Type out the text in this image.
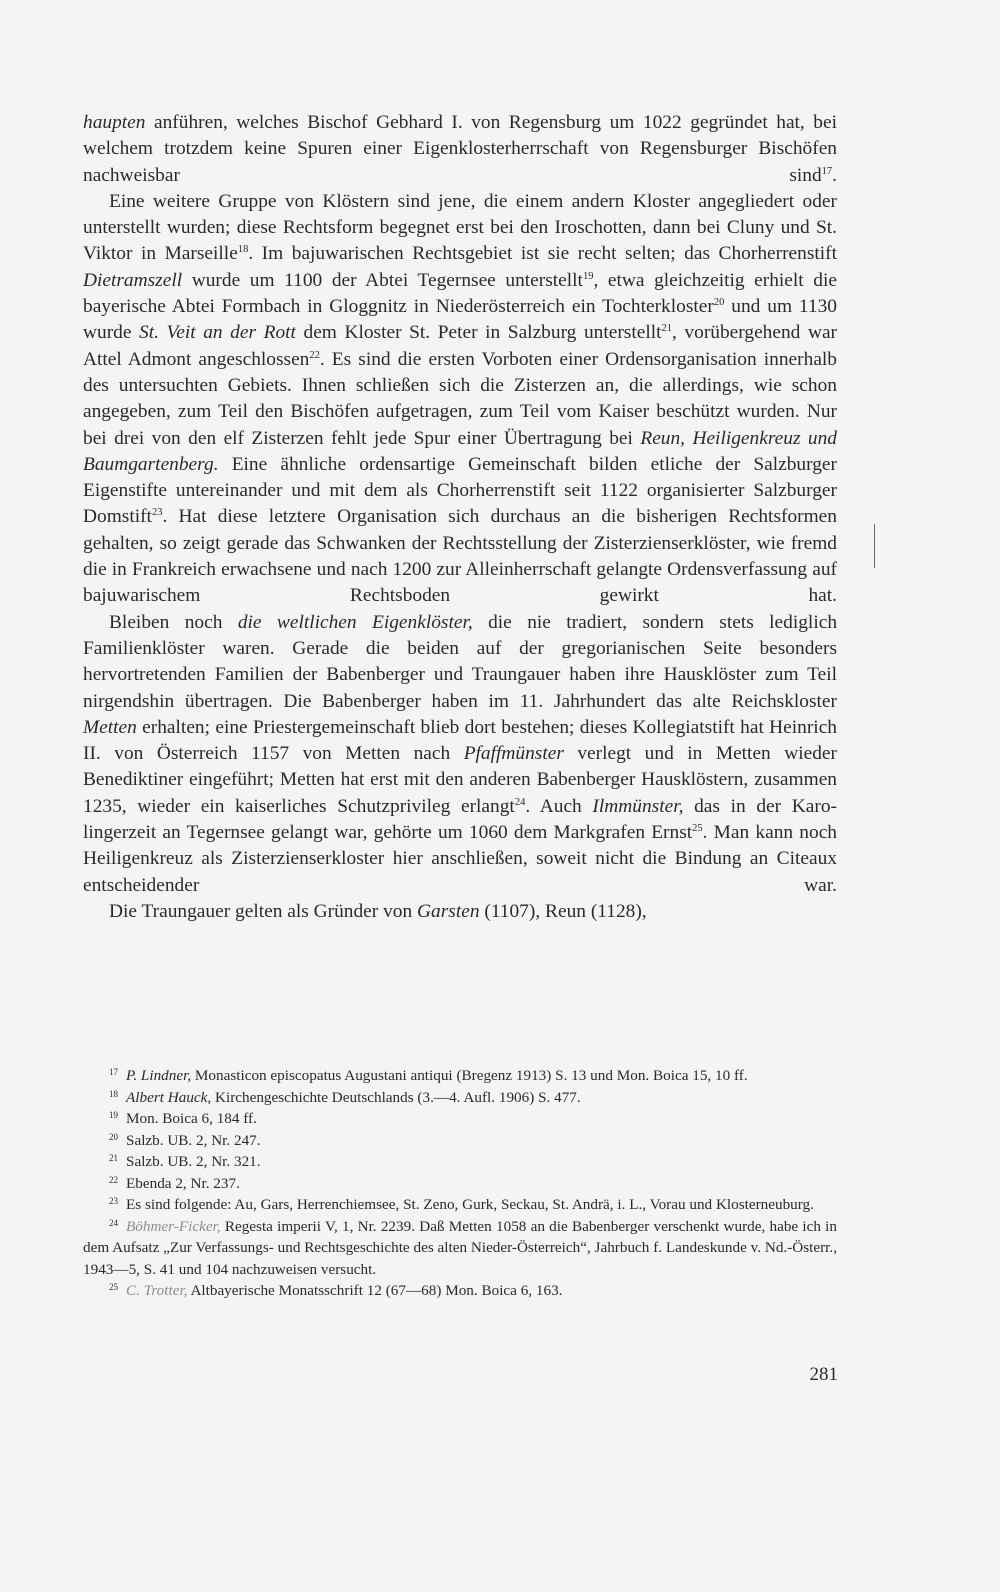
haupten anführen, welches Bischof Gebhard I. von Regensburg um 1022 gegründet hat, bei welchem trotzdem keine Spuren einer Eigenklosterherrschaft von Regensburger Bischöfen nachweisbar sind$^{17}$.

Eine weitere Gruppe von Klöstern sind jene, die einem andern Kloster angegliedert oder unterstellt wurden; diese Rechtsform begegnet erst bei den Iroschotten, dann bei Cluny und St. Viktor in Marseille$^{18}$. Im bajuwarischen Rechtsgebiet ist sie recht selten; das Chorherrenstift Dietramszell wurde um 1100 der Abtei Tegernsee unterstellt$^{19}$, etwa gleichzeitig erhielt die bayerische Abtei Formbach in Gloggnitz in Niederösterreich ein Tochterkloster$^{20}$ und um 1130 wurde St. Veit an der Rott dem Kloster St. Peter in Salzburg unterstellt$^{21}$, vorübergehend war Attel Admont angeschlossen$^{22}$. Es sind die ersten Vorboten einer Ordensorganisation innerhalb des untersuchten Gebiets. Ihnen schließen sich die Zisterzen an, die allerdings, wie schon angegeben, zum Teil den Bischöfen aufgetragen, zum Teil vom Kaiser beschützt wurden. Nur bei drei von den elf Zisterzen fehlt jede Spur einer Übertragung bei Reun, Heiligenkreuz und Baumgartenberg. Eine ähnliche ordensartige Gemeinschaft bilden etliche der Salzburger Eigenstifte untereinander und mit dem als Chorherrenstift seit 1122 organisierter Salzburger Domstift$^{23}$. Hat diese letztere Organisation sich durchaus an die bisherigen Rechtsformen gehalten, so zeigt gerade das Schwanken der Rechtsstellung der Zisterzienserklöster, wie fremd die in Frankreich erwachsene und nach 1200 zur Alleinherrschaft gelangte Ordensverfassung auf bajuwarischem Rechtsboden gewirkt hat.

Bleiben noch die weltlichen Eigenklöster, die nie tradiert, sondern stets lediglich Familienklöster waren. Gerade die beiden auf der gregorianischen Seite besonders hervortretenden Familien der Babenberger und Traungauer haben ihre Hausklöster zum Teil nirgendshin übertragen. Die Babenberger haben im 11. Jahrhundert das alte Reichskloster Metten erhalten; eine Priestergemeinschaft blieb dort bestehen; dieses Kollegiatstift hat Heinrich II. von Österreich 1157 von Metten nach Pfaffmünster verlegt und in Metten wieder Benediktiner eingeführt; Metten hat erst mit den anderen Babenberger Hausklöstern, zusammen 1235, wieder ein kaiserliches Schutzprivileg erlangt$^{24}$. Auch Ilmmünster, das in der Karolingerzeit an Tegernsee gelangt war, gehörte um 1060 dem Markgrafen Ernst$^{25}$. Man kann noch Heiligenkreuz als Zisterzienserkloster hier anschließen, soweit nicht die Bindung an Citeaux entscheidender war.

Die Traungauer gelten als Gründer von Garsten (1107), Reun (1128),

$^{17}$ P. Lindner, Monasticon episcopatus Augustani antiqui (Bregenz 1913) S. 13 und Mon. Boica 15, 10 ff.

$^{18}$ Albert Hauck, Kirchengeschichte Deutschlands (3.—4. Aufl. 1906) S. 477.

$^{19}$ Mon. Boica 6, 184 ff.

$^{20}$ Salzb. UB. 2, Nr. 247.

$^{21}$ Salzb. UB. 2, Nr. 321.

$^{22}$ Ebenda 2, Nr. 237.

$^{23}$ Es sind folgende: Au, Gars, Herrenchiemsee, St. Zeno, Gurk, Seckau, St. Andrä, i. L., Vorau und Klosterneuburg.

$^{24}$ Böhmer-Ficker, Regesta imperii V, 1, Nr. 2239. Daß Metten 1058 an die Babenberger verschenkt wurde, habe ich in dem Aufsatz „Zur Verfassungs- und Rechtsgeschichte des alten Nieder-Österreich“, Jahrbuch f. Landeskunde v. Nd.-Österr., 1943—5, S. 41 und 104 nachzuweisen versucht.

$^{25}$ C. Trotter, Altbayerische Monatsschrift 12 (67—68) Mon. Boica 6, 163.

281
